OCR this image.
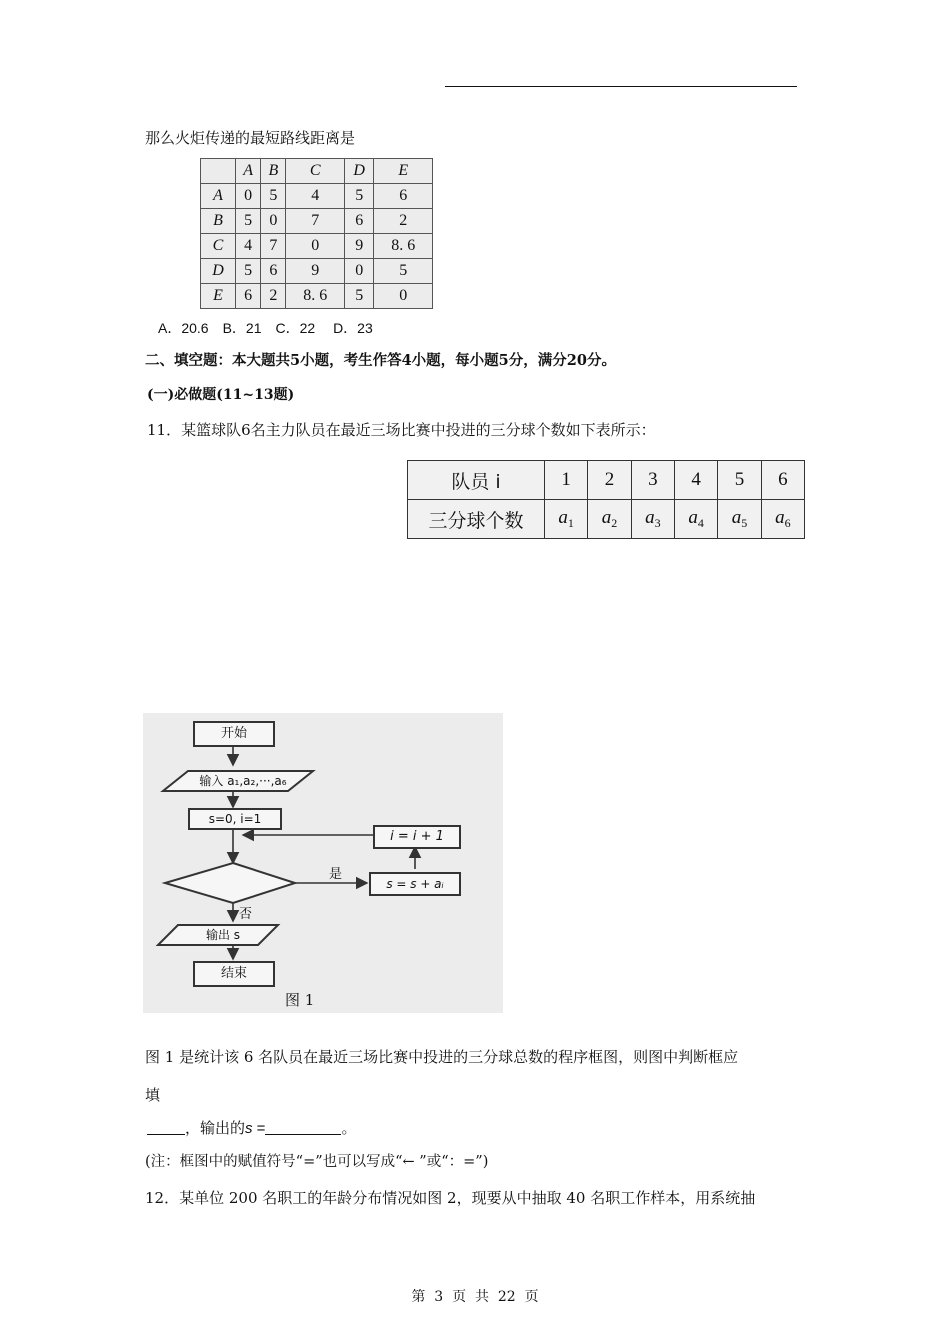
那么火炬传递的最短路线距离是
	A	B	C	D	E
A	0	5	4	5	6
B	5	0	7	6	2
C	4	7	0	9	8. 6
D	5	6	9	0	5
E	6	2	8. 6	5	0
A．20.6　B．21　C．22　 D．23
二、填空题：本大题共5小题，考生作答4小题，每小题5分，满分20分。
(一)必做题(11~13题)
11．某篮球队6名主力队员在最近三场比赛中投进的三分球个数如下表所示：
队员 i	1	2	3	4	5	6
三分球个数	$a_1$	$a_2$	$a_3$	$a_4$	$a_5$	$a_6$
开始
输入 a₁,a₂,···,a₆
s=0, i=1
i = i + 1
是
s = s + aᵢ
否
输出 s
结束
图 1
图 1 是统计该 6 名队员在最近三场比赛中投进的三分球总数的程序框图，则图中判断框应
填
，输出的s =	。
(注：框图中的赋值符号“=”也可以写成“← ”或“：=”)
12．某单位 200 名职工的年龄分布情况如图 2，现要从中抽取 40 名职工作样本，用系统抽
第  3  页  共  22  页
